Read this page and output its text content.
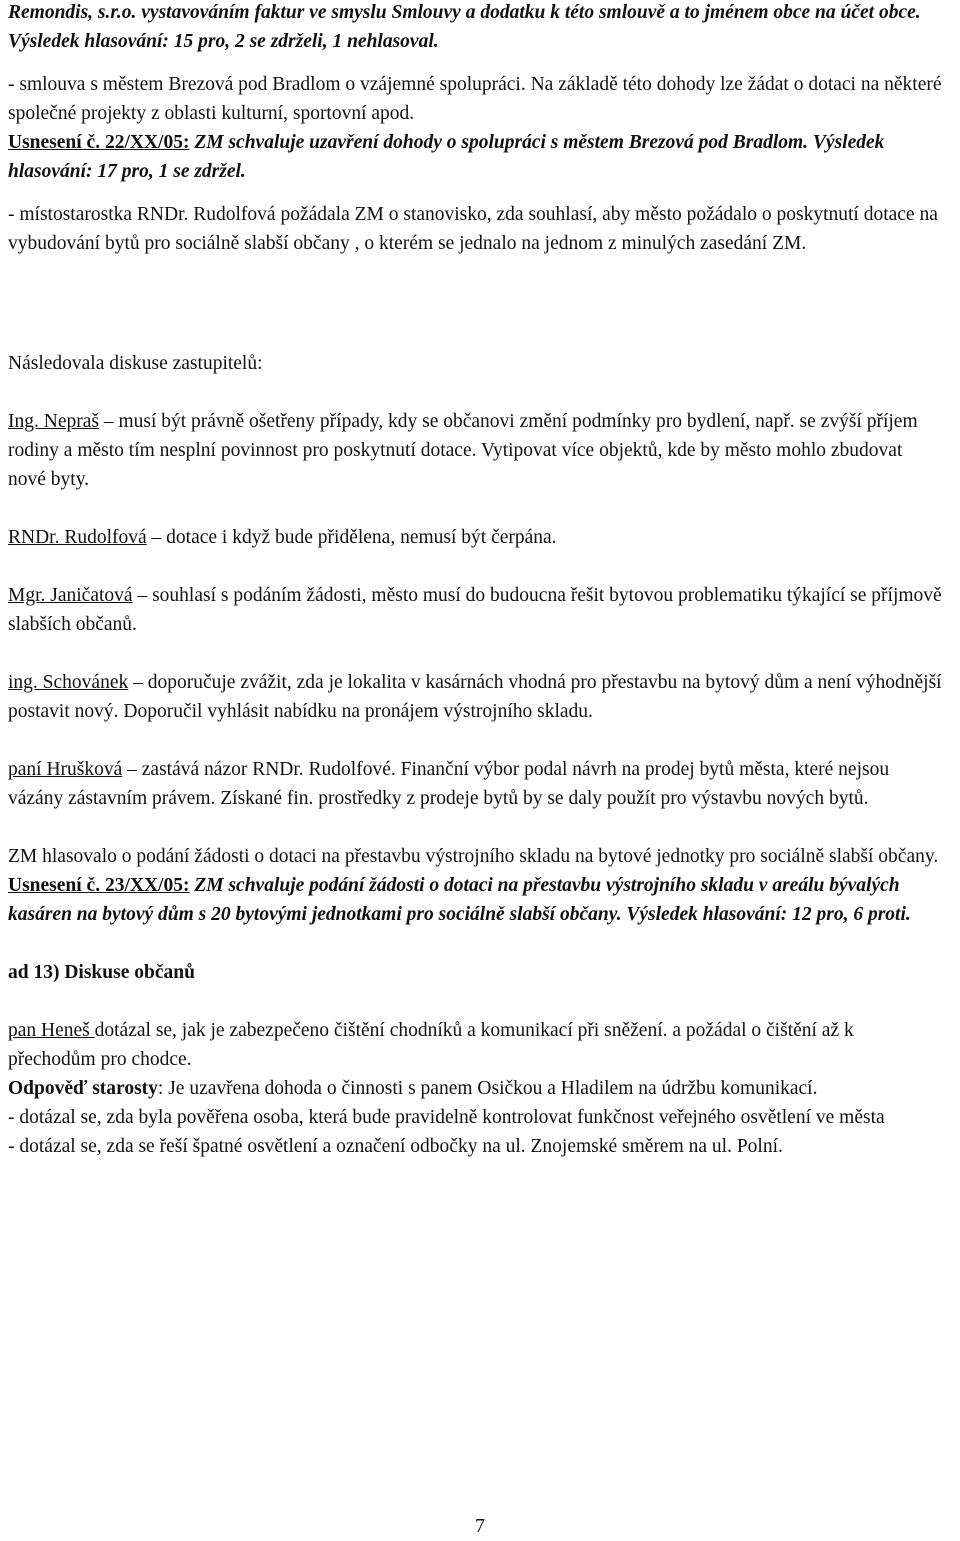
Remondis, s.r.o. vystavováním faktur ve smyslu Smlouvy a dodatku k této smlouvě a to jménem obce na účet obce. Výsledek hlasování: 15 pro, 2 se zdrželi, 1 nehlasoval.

- smlouva s městem Brezová pod Bradlom o vzájemné spolupráci. Na základě této dohody lze žádat o dotaci na některé společné projekty z oblasti kulturní, sportovní apod.

Usnesení č. 22/XX/05: ZM schvaluje uzavření dohody o spolupráci s městem Brezová pod Bradlom. Výsledek hlasování: 17 pro, 1 se zdržel.

- místostarostka RNDr. Rudolfová požádala ZM o stanovisko, zda souhlasí, aby město požádalo o poskytnutí dotace na vybudování bytů pro sociálně slabší občany , o kterém se jednalo na jednom z minulých zasedání ZM.

Následovala diskuse zastupitelů:

Ing. Nepraš – musí být právně ošetřeny případy, kdy se občanovi změní podmínky pro bydlení, např. se zvýší příjem rodiny a město tím nesplní povinnost pro poskytnutí dotace. Vytipovat více objektů, kde by město mohlo zbudovat nové byty.

RNDr. Rudolfová – dotace i když bude přidělena, nemusí být čerpána.

Mgr. Janičatová – souhlasí s podáním žádosti, město musí do budoucna řešit bytovou problematiku týkající se příjmově slabších občanů.

ing. Schovánek – doporučuje zvážit, zda je lokalita v kasárnách vhodná pro přestavbu na bytový dům a není výhodnější postavit nový. Doporučil vyhlásit nabídku na pronájem výstrojního skladu.

paní Hrušková – zastává názor RNDr. Rudolfové. Finanční výbor podal návrh na prodej bytů města, které nejsou vázány zástavním právem. Získané fin. prostředky z prodeje bytů by se daly použít pro výstavbu nových bytů.

ZM hlasovalo o podání žádosti o dotaci na přestavbu výstrojního skladu na bytové jednotky pro sociálně slabší občany.

Usnesení č. 23/XX/05: ZM schvaluje podání žádosti o dotaci na přestavbu výstrojního skladu v areálu bývalých kasáren na bytový dům s 20 bytovými jednotkami pro sociálně slabší občany. Výsledek hlasování: 12 pro, 6 proti.

ad 13) Diskuse občanů

pan Heneš dotázal se, jak je zabezpečeno čištění chodníků a komunikací při sněžení. a požádal o čištění až k přechodům pro chodce.

Odpověď starosty: Je uzavřena dohoda o činnosti s panem Osičkou a Hladilem na údržbu komunikací.

- dotázal se, zda byla pověřena osoba, která bude pravidelně kontrolovat funkčnost veřejného osvětlení ve města

- dotázal se, zda se řeší špatné osvětlení a označení odbočky na ul. Znojemské směrem na ul. Polní.

7
